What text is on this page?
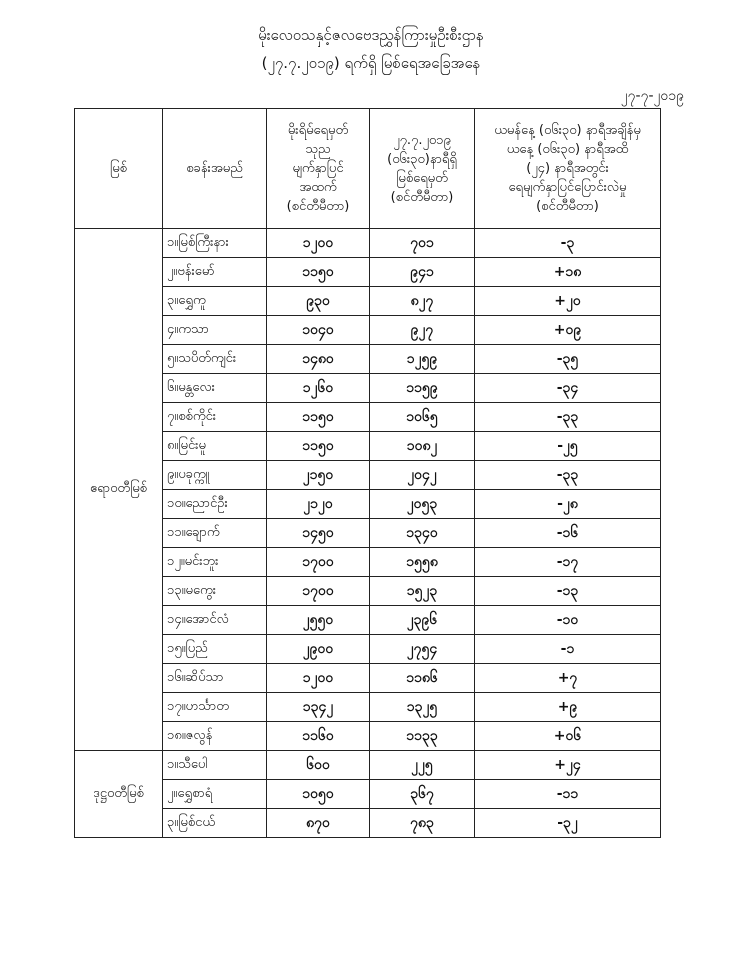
မိုးလေဝသနှင့်ဇလဗေဒညွှန်ကြားမှုဦးစီးဌာန
(၂၇.၇.၂၀၁၉) ရက်ရှိ မြစ်ရေအခြေအနေ
၂၇-၇-၂၀၁၉
မြစ်	စခန်းအမည်	မိုးရိမ်ရေမှတ်
သုည
မျက်နှာပြင်
အထက်
(စင်တီမီတာ)	၂၇.၇.၂၀၁၉
(၀၆း၃၀)နာရီရှိ
မြစ်ရေမှတ်
(စင်တီမီတာ)	ယမန်နေ့ (၀၆း၃၀) နာရီအချိန်မှ
ယနေ့ (၀၆း၃၀) နာရီအထိ
(၂၄) နာရီအတွင်း
ရေမျက်နှာပြင်ပြောင်းလဲမှု
(စင်တီမီတာ)

ဧရာဝတီမြစ်	၁။မြစ်ကြီးနား	၁၂၀၀	၇၀၁	-၃
	၂။ဗန်းမော်	၁၁၅၀	၉၄၁	+၁၈
	၃။ရွှေကူ	၉၃၀	၈၂၇	+၂၀
	၄။ကသာ	၁၀၄၀	၉၂၇	+၀၉
	၅။သပိတ်ကျင်း	၁၄၈၀	၁၂၅၉	-၃၅
	၆။မန္တလေး	၁၂၆၀	၁၁၅၉	-၃၄
	၇။စစ်ကိုင်း	၁၁၅၀	၁၀၆၅	-၃၃
	၈။မြင်းမူ	၁၁၅၀	၁၀၈၂	-၂၅
	၉။ပခုက္ကူ	၂၁၅၀	၂၀၄၂	-၃၃
	၁၀။ညောင်ဦး	၂၁၂၀	၂၀၅၃	-၂၈
	၁၁။ချောက်	၁၄၅၀	၁၃၄၀	-၁၆
	၁၂။မင်းဘူး	၁၇၀၀	၁၅၅၈	-၁၇
	၁၃။မကွေး	၁၇၀၀	၁၅၂၃	-၁၃
	၁၄။အောင်လံ	၂၅၅၀	၂၃၉၆	-၁၀
	၁၅။ပြည်	၂၉၀၀	၂၇၅၄	-၁
	၁၆။ဆိပ်သာ	၁၂၀၀	၁၁၈၆	+၇
	၁၇။ဟင်္သာတ	၁၃၄၂	၁၃၂၅	+၉
	၁၈။ဇလွန်	၁၁၆၀	၁၁၃၃	+၀၆
ဒုဋ္ဌဝတီမြစ်	၁။သီပေါ	၆၀၀	၂၂၅	+၂၄
	၂။ရွှေစာရံ	၁၀၅၀	၃၆၇	-၁၁
	၃။မြစ်ငယ်	၈၇၀	၇၈၃	-၃၂
